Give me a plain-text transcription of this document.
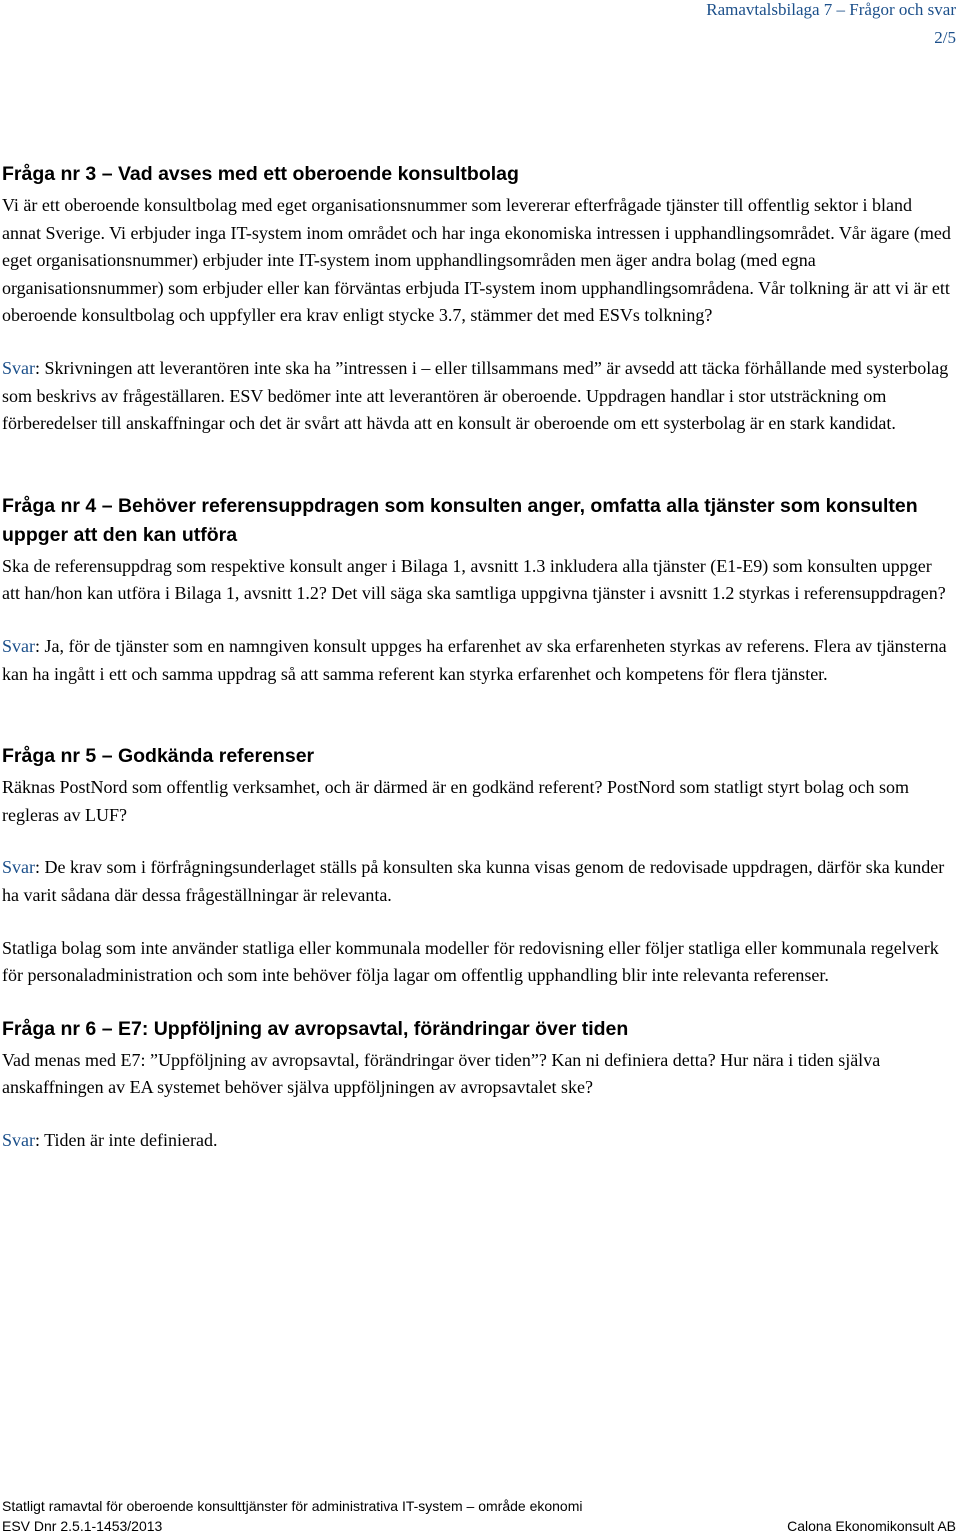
Ramavtalsbilaga 7 – Frågor och svar
2/5
Fråga nr 3 – Vad avses med ett oberoende konsultbolag

Vi är ett oberoende konsultbolag med eget organisationsnummer som levererar efterfrågade tjänster till offentlig sektor i bland annat Sverige. Vi erbjuder inga IT-system inom området och har inga ekonomiska intressen i upphandlingsområdet. Vår ägare (med eget organisationsnummer) erbjuder inte IT-system inom upphandlingsområden men äger andra bolag (med egna organisationsnummer) som erbjuder eller kan förväntas erbjuda IT-system inom upphandlingsområdena. Vår tolkning är att vi är ett oberoende konsultbolag och uppfyller era krav enligt stycke 3.7, stämmer det med ESVs tolkning?

Svar: Skrivningen att leverantören inte ska ha ”intressen i – eller tillsammans med” är avsedd att täcka förhållande med systerbolag som beskrivs av frågeställaren. ESV bedömer inte att leverantören är oberoende. Uppdragen handlar i stor utsträckning om förberedelser till anskaffningar och det är svårt att hävda att en konsult är oberoende om ett systerbolag är en stark kandidat.

Fråga nr 4 – Behöver referensuppdragen som konsulten anger, omfatta alla tjänster som konsulten uppger att den kan utföra

Ska de referensuppdrag som respektive konsult anger i Bilaga 1, avsnitt 1.3 inkludera alla tjänster (E1-E9) som konsulten uppger att han/hon kan utföra i Bilaga 1, avsnitt 1.2? Det vill säga ska samtliga uppgivna tjänster i avsnitt 1.2 styrkas i referensuppdragen?

Svar: Ja, för de tjänster som en namngiven konsult uppges ha erfarenhet av ska erfarenheten styrkas av referens. Flera av tjänsterna kan ha ingått i ett och samma uppdrag så att samma referent kan styrka erfarenhet och kompetens för flera tjänster.

Fråga nr 5 – Godkända referenser

Räknas PostNord som offentlig verksamhet, och är därmed är en godkänd referent? PostNord som statligt styrt bolag och som regleras av LUF?

Svar: De krav som i förfrågningsunderlaget ställs på konsulten ska kunna visas genom de redovisade uppdragen, därför ska kunder ha varit sådana där dessa frågeställningar är relevanta.

Statliga bolag som inte använder statliga eller kommunala modeller för redovisning eller följer statliga eller kommunala regelverk för personaladministration och som inte behöver följa lagar om offentlig upphandling blir inte relevanta referenser.

Fråga nr 6 – E7: Uppföljning av avropsavtal, förändringar över tiden

Vad menas med E7: ”Uppföljning av avropsavtal, förändringar över tiden”? Kan ni definiera detta? Hur nära i tiden själva anskaffningen av EA systemet behöver själva uppföljningen av avropsavtalet ske?

Svar: Tiden är inte definierad.

Statligt ramavtal för oberoende konsulttjänster för administrativa IT-system – område ekonomi
ESV Dnr 2.5.1-1453/2013	Calona Ekonomikonsult AB
